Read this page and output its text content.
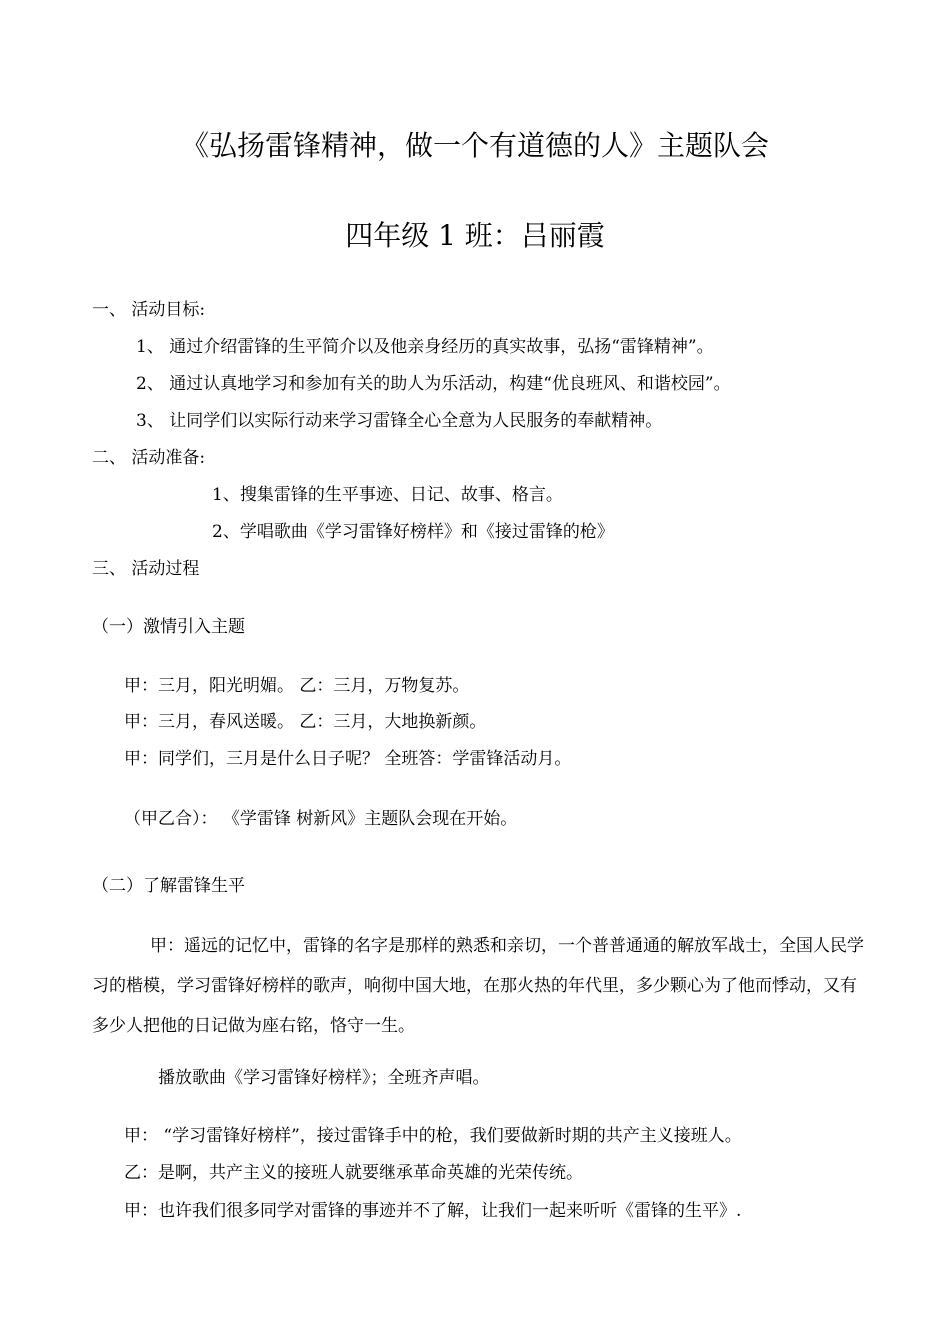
《弘扬雷锋精神，做一个有道德的人》主题队会
四年级 1 班：吕丽霞
一、 活动目标:
1、 通过介绍雷锋的生平简介以及他亲身经历的真实故事，弘扬“雷锋精神”。
2、 通过认真地学习和参加有关的助人为乐活动，构建“优良班风、和谐校园”。
3、 让同学们以实际行动来学习雷锋全心全意为人民服务的奉献精神。
二、 活动准备:
1、搜集雷锋的生平事迹、日记、故事、格言。
2、学唱歌曲《学习雷锋好榜样》和《接过雷锋的枪》
三、 活动过程
（一）激情引入主题
甲：三月，阳光明媚。 乙：三月，万物复苏。
甲：三月，春风送暖。 乙：三月，大地换新颜。
甲：同学们，三月是什么日子呢？ 全班答：学雷锋活动月。
（甲乙合）： 《学雷锋 树新风》主题队会现在开始。
（二）了解雷锋生平
甲：遥远的记忆中，雷锋的名字是那样的熟悉和亲切，一个普普通通的解放军战士，全国人民学习的楷模，学习雷锋好榜样的歌声，响彻中国大地，在那火热的年代里，多少颗心为了他而悸动，又有多少人把他的日记做为座右铭，恪守一生。
播放歌曲《学习雷锋好榜样》；全班齐声唱。
甲： “学习雷锋好榜样”，接过雷锋手中的枪，我们要做新时期的共产主义接班人。
乙：是啊，共产主义的接班人就要继承革命英雄的光荣传统。
甲：也许我们很多同学对雷锋的事迹并不了解，让我们一起来听听《雷锋的生平》.
